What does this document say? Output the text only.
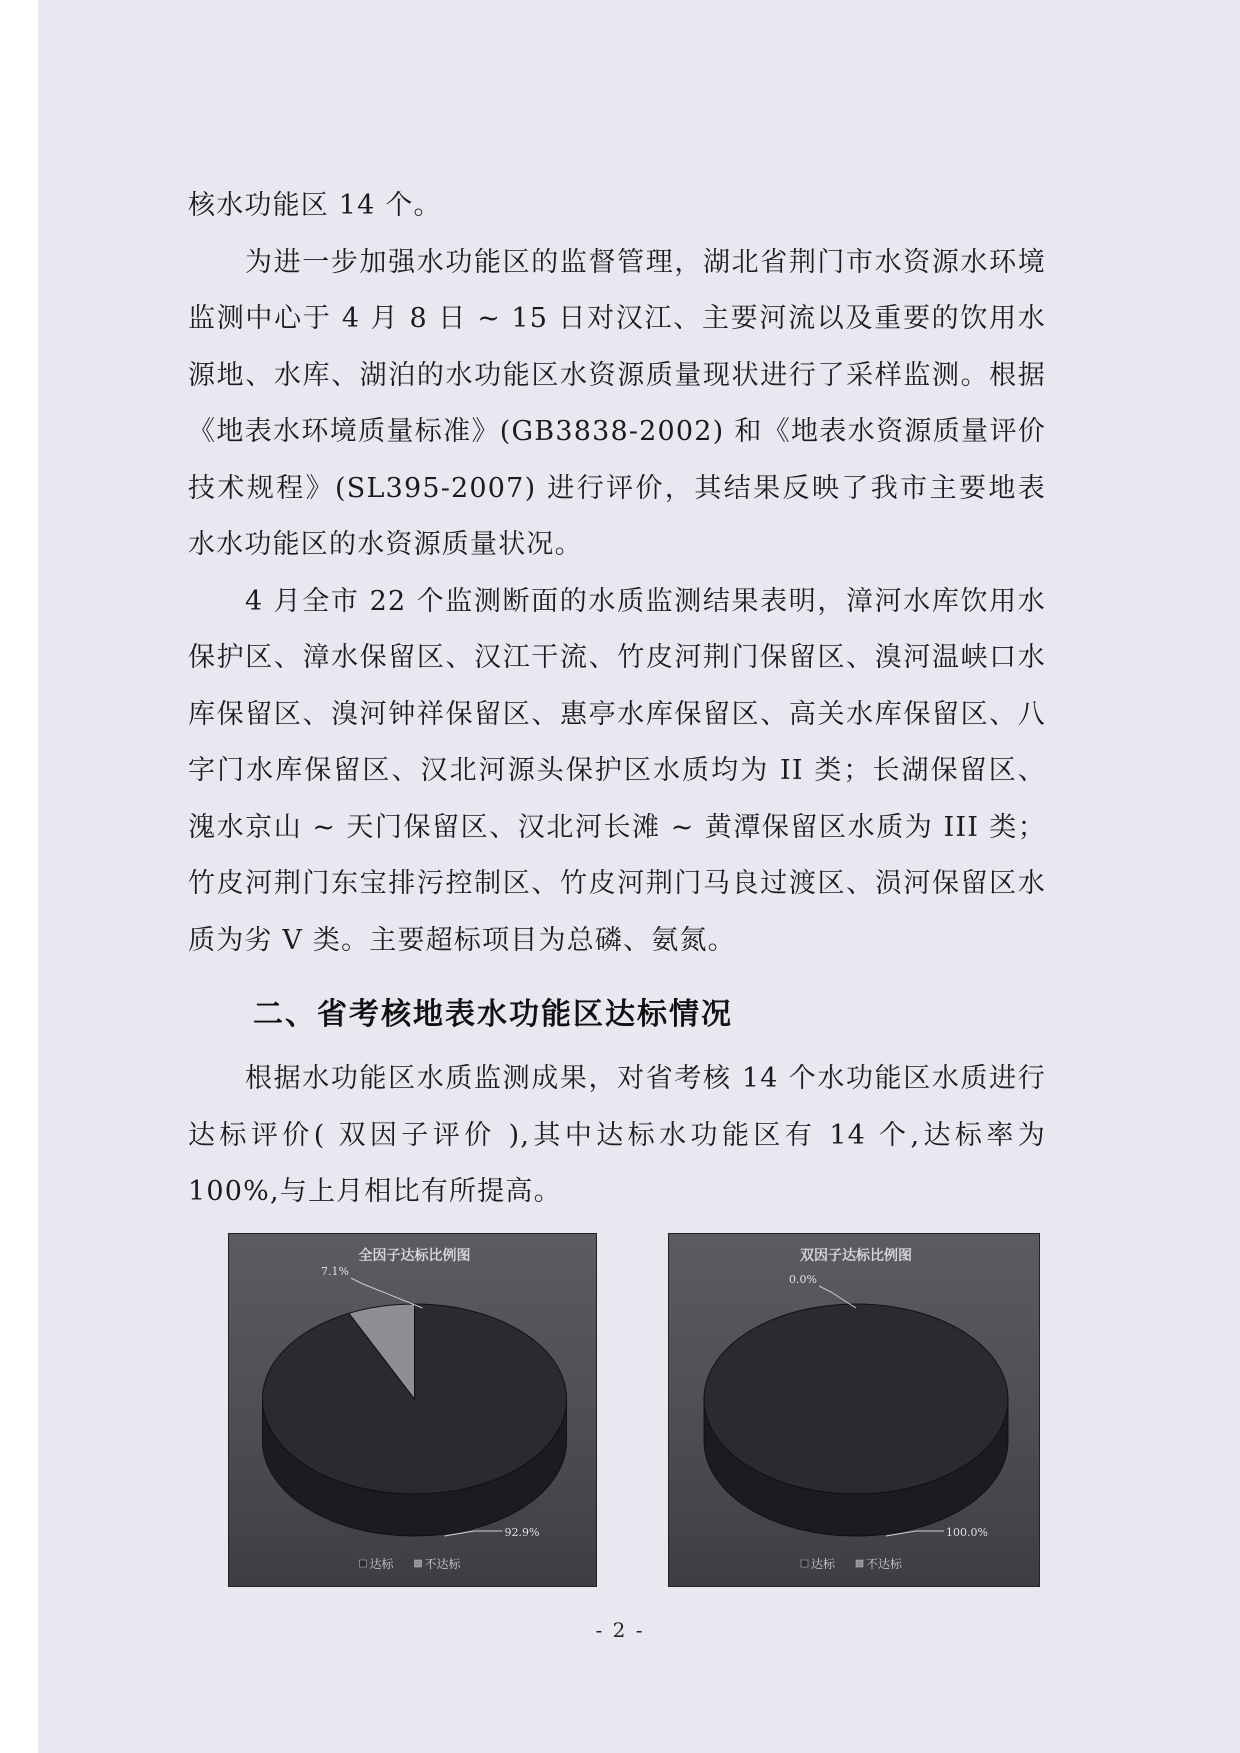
核水功能区 14 个。

为进一步加强水功能区的监督管理，湖北省荆门市水资源水环境监测中心于 4 月 8 日 ~ 15 日对汉江、主要河流以及重要的饮用水源地、水库、湖泊的水功能区水资源质量现状进行了采样监测。根据《地表水环境质量标准》(GB3838-2002) 和《地表水资源质量评价技术规程》(SL395-2007) 进行评价，其结果反映了我市主要地表水水功能区的水资源质量状况。

4 月全市 22 个监测断面的水质监测结果表明，漳河水库饮用水保护区、漳水保留区、汉江干流、竹皮河荆门保留区、溴河温峡口水库保留区、溴河钟祥保留区、惠亭水库保留区、高关水库保留区、八字门水库保留区、汉北河源头保护区水质均为 II 类；长湖保留区、溾水京山 ~ 天门保留区、汉北河长滩 ~ 黄潭保留区水质为 III 类；竹皮河荆门东宝排污控制区、竹皮河荆门马良过渡区、涢河保留区水质为劣 V 类。主要超标项目为总磷、氨氮。

二、省考核地表水功能区达标情况

根据水功能区水质监测成果，对省考核 14 个水功能区水质进行达标评价( 双因子评价 ),其中达标水功能区有 14 个,达标率为 100%,与上月相比有所提高。

全因子达标比例图
92.9%
7.1%
达标	不达标
双因子达标比例图
100.0%
0.0%
达标	不达标
- 2 -
